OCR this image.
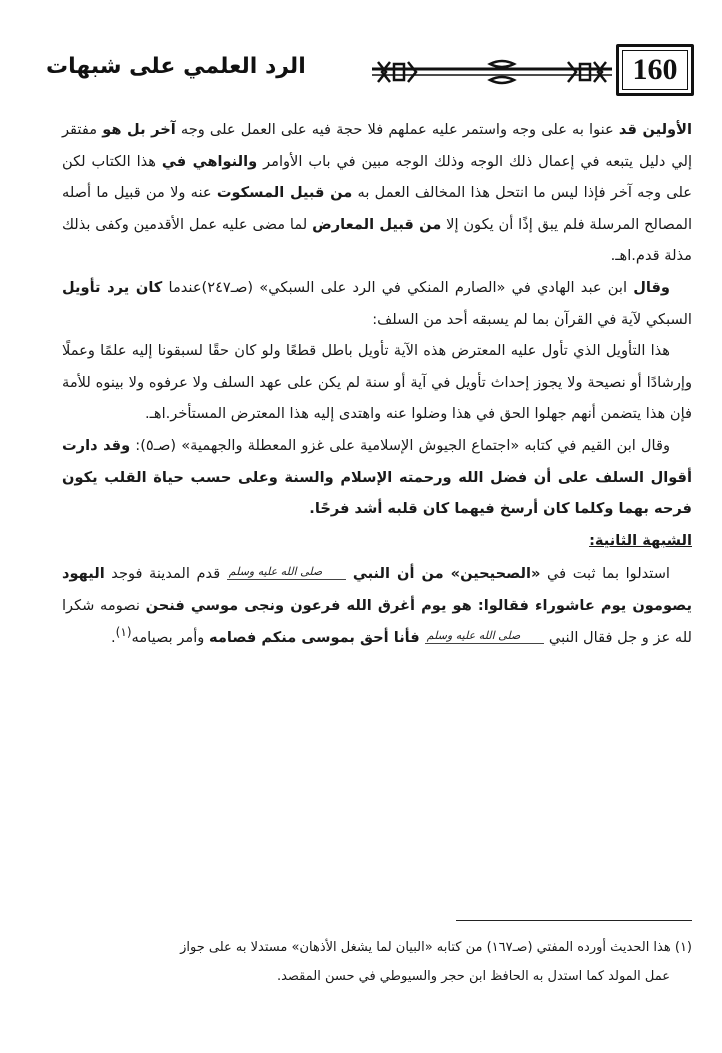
160
الرد العلمي على شبهات

الأولين قد عنوا به على وجه واستمر عليه عملهم فلا حجة فيه على العمل على وجه آخر بل هو مفتقر إلي دليل يتبعه في إعمال ذلك الوجه وذلك الوجه مبين في باب الأوامر والنواهي في هذا الكتاب لكن على وجه آخر فإذا ليس ما انتحل هذا المخالف العمل به من قبيل المسكوت عنه ولا من قبيل ما أصله المصالح المرسلة فلم يبق إذًا أن يكون إلا من قبيل المعارض لما مضى عليه عمل الأقدمين وكفى بذلك مذلة قدم.اهـ.

وقال ابن عبد الهادي في «الصارم المنكي في الرد على السبكي» (صـ٢٤٧)عندما كان يرد تأويل السبكي لآية في القرآن بما لم يسبقه أحد من السلف:

هذا التأويل الذي تأول عليه المعترض هذه الآية تأويل باطل قطعًا ولو كان حقًا لسبقونا إليه علمًا وعملًا وإرشادًا أو نصيحة ولا يجوز إحداث تأويل في آية أو سنة لم يكن على عهد السلف ولا عرفوه ولا بينوه للأمة فإن هذا يتضمن أنهم جهلوا الحق في هذا وضلوا عنه واهتدى إليه هذا المعترض المستأخر.اهـ.

وقال ابن القيم في كتابه «اجتماع الجيوش الإسلامية على غزو المعطلة والجهمية» (صـ٥): وقد دارت أقوال السلف على أن فضل الله ورحمته الإسلام والسنة وعلى حسب حياة القلب يكون فرحه بهما وكلما كان أرسخ فيهما كان قلبه أشد فرحًا.

الشبهة الثانية:

استدلوا بما ثبت في «الصحيحين» من أن النبي صلى الله عليه وسلم قدم المدينة فوجد اليهود يصومون يوم عاشوراء فقالوا: هو يوم أغرق الله فرعون ونجى موسي فنحن نصومه شكرا لله عز و جل فقال النبي صلى الله عليه وسلم فأنا أحق بموسى منكم فصامه وأمر بصيامه$^{(١)}$.

(١) هذا الحديث أورده المفتي (صـ١٦٧) من كتابه «البيان لما يشغل الأذهان» مستدلا به على جواز

عمل المولد كما استدل به الحافظ ابن حجر والسيوطي في حسن المقصد.
